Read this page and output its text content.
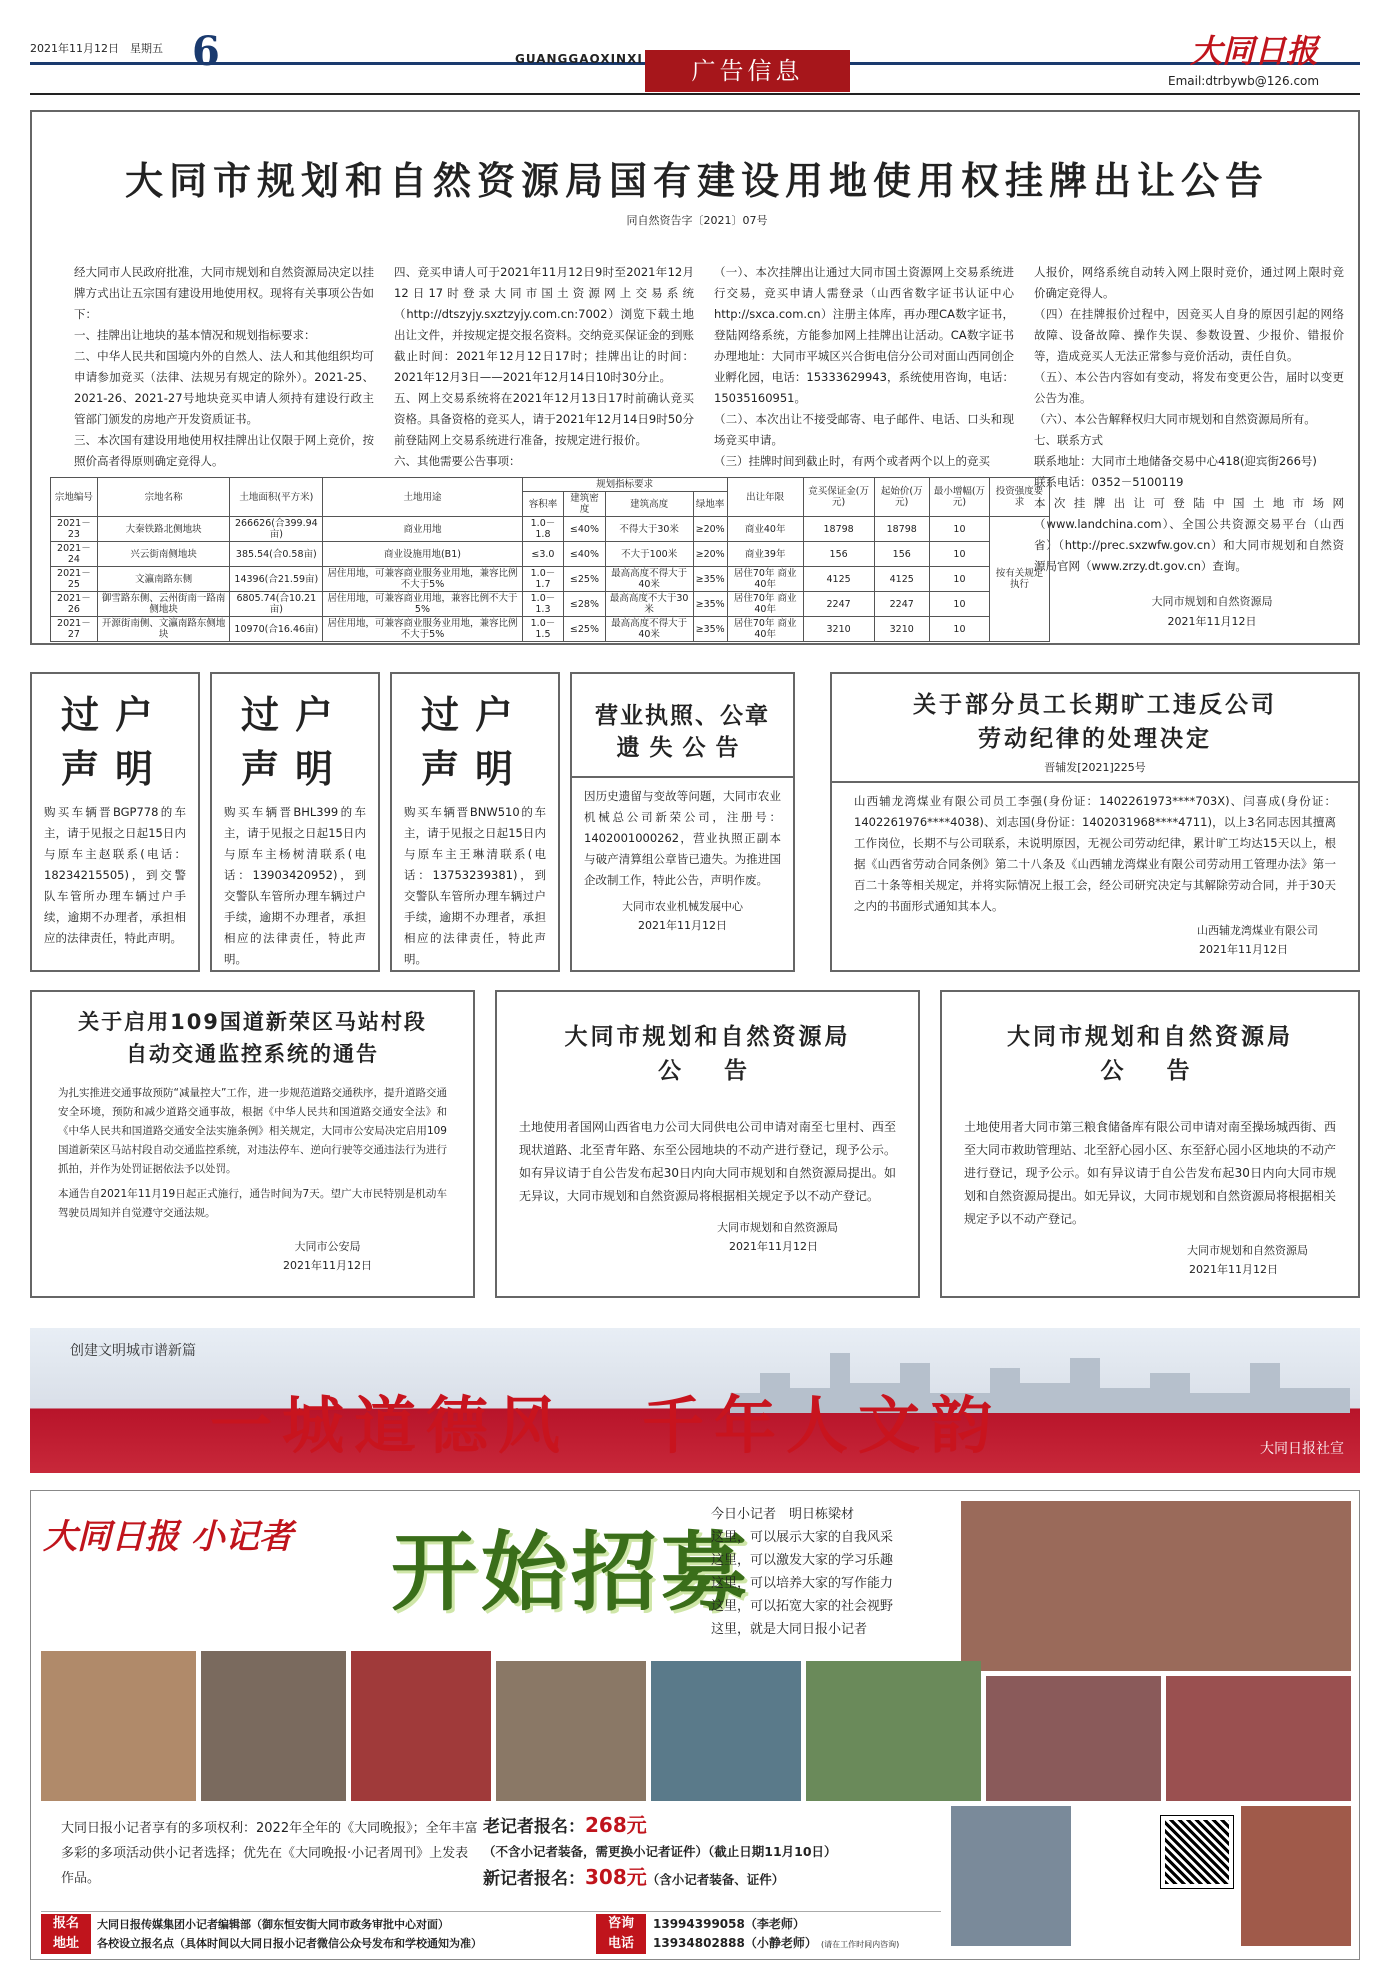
2021年11月12日　星期五 6	GUANGGAOXINXI	广告信息
大同日报
Email:dtrbywb@126.com
大同市规划和自然资源局国有建设用地使用权挂牌出让公告
同自然资告字〔2021〕07号
经大同市人民政府批准，大同市规划和自然资源局决定以挂牌方式出让五宗国有建设用地使用权。现将有关事项公告如下：
一、挂牌出让地块的基本情况和规划指标要求：
二、中华人民共和国境内外的自然人、法人和其他组织均可申请参加竞买（法律、法规另有规定的除外）。2021-25、2021-26、2021-27号地块竞买申请人须持有建设行政主管部门颁发的房地产开发资质证书。
三、本次国有建设用地使用权挂牌出让仅限于网上竞价，按照价高者得原则确定竞得人。
四、竞买申请人可于2021年11月12日9时至2021年12月12日17时登录大同市国土资源网上交易系统（http://dtszyjy.sxztzyjy.com.cn:7002）浏览下载土地出让文件，并按规定提交报名资料。交纳竞买保证金的到账截止时间：2021年12月12日17时；挂牌出让的时间：2021年12月3日——2021年12月14日10时30分止。
五、网上交易系统将在2021年12月13日17时前确认竞买资格。具备资格的竞买人，请于2021年12月14日9时50分前登陆网上交易系统进行准备，按规定进行报价。
六、其他需要公告事项：
（一）、本次挂牌出让通过大同市国土资源网上交易系统进行交易，竞买申请人需登录（山西省数字证书认证中心http://sxca.com.cn）注册主体库，再办理CA数字证书，登陆网络系统，方能参加网上挂牌出让活动。CA数字证书办理地址：大同市平城区兴合街电信分公司对面山西同创企业孵化园，电话：15333629943，系统使用咨询，电话：15035160951。
（二）、本次出让不接受邮寄、电子邮件、电话、口头和现场竞买申请。
（三）挂牌时间到截止时，有两个或者两个以上的竞买
人报价，网络系统自动转入网上限时竞价，通过网上限时竞价确定竞得人。
（四）在挂牌报价过程中，因竞买人自身的原因引起的网络故障、设备故障、操作失误、参数设置、少报价、错报价等，造成竞买人无法正常参与竞价活动，责任自负。
（五）、本公告内容如有变动，将发布变更公告，届时以变更公告为准。
（六）、本公告解释权归大同市规划和自然资源局所有。
七、联系方式
联系地址：大同市土地储备交易中心418(迎宾街266号)
联系电话：0352－5100119
本次挂牌出让可登陆中国土地市场网（www.landchina.com）、全国公共资源交易平台（山西省）（http://prec.sxzwfw.gov.cn）和大同市规划和自然资源局官网（www.zrzy.dt.gov.cn）查询。
宗地编号	宗地名称	土地面积(平方米)	土地用途	规划指标要求				出让年限	竞买保证金(万元)	起始价(万元)	最小增幅(万元)	投资强度要求
				容积率	建筑密度	建筑高度	绿地率					
2021－23	大秦铁路北侧地块	266626(合399.94亩)	商业用地	1.0－1.8	≤40%	不得大于30米	≥20%	商业40年	18798	18798	10	按有关规定执行
2021－24	兴云街南侧地块	385.54(合0.58亩)	商业设施用地(B1)	≤3.0	≤40%	不大于100米	≥20%	商业39年	156	156	10	
2021－25	文瀛南路东侧	14396(合21.59亩)	居住用地，可兼容商业服务业用地，兼容比例不大于5%	1.0－1.7	≤25%	最高高度不得大于40米	≥35%	居住70年 商业40年	4125	4125	10	
2021－26	御雪路东侧、云州街南一路南侧地块	6805.74(合10.21亩)	居住用地，可兼容商业用地，兼容比例不大于5%	1.0－1.3	≤28%	最高高度不大于30米	≥35%	居住70年 商业40年	2247	2247	10	
2021－27	开源街南侧、文瀛南路东侧地块	10970(合16.46亩)	居住用地，可兼容商业服务业用地，兼容比例不大于5%	1.0－1.5	≤25%	最高高度不得大于40米	≥35%	居住70年 商业40年	3210	3210	10	
大同市规划和自然资源局
2021年11月12日
过户
声明
购买车辆晋BGP778的车主，请于见报之日起15日内与原车主赵联系(电话：18234215505)，到交警队车管所办理车辆过户手续，逾期不办理者，承担相应的法律责任，特此声明。
过户
声明
购买车辆晋BHL399的车主，请于见报之日起15日内与原车主杨树清联系(电话：13903420952)，到交警队车管所办理车辆过户手续，逾期不办理者，承担相应的法律责任，特此声明。
过户
声明
购买车辆晋BNW510的车主，请于见报之日起15日内与原车主王琳清联系(电话：13753239381)，到交警队车管所办理车辆过户手续，逾期不办理者，承担相应的法律责任，特此声明。
营业执照、公章
遗失公告
因历史遗留与变故等问题，大同市农业机械总公司新荣公司，注册号：1402001000262，营业执照正副本与破产清算组公章皆已遗失。为推进国企改制工作，特此公告，声明作废。
大同市农业机械发展中心
2021年11月12日
关于部分员工长期旷工违反公司
劳动纪律的处理决定
晋辅发[2021]225号
山西辅龙湾煤业有限公司员工李强(身份证：1402261973****703X)、闫喜成(身份证：1402261976****4038)、刘志国(身份证：1402031968****4711)，以上3名同志因其擅离工作岗位，长期不与公司联系，未说明原因，无视公司劳动纪律，累计旷工均达15天以上，根据《山西省劳动合同条例》第二十八条及《山西辅龙湾煤业有限公司劳动用工管理办法》第一百二十条等相关规定，并将实际情况上报工会，经公司研究决定与其解除劳动合同，并于30天之内的书面形式通知其本人。
山西辅龙湾煤业有限公司
2021年11月12日
关于启用109国道新荣区马站村段
自动交通监控系统的通告
为扎实推进交通事故预防“减量控大”工作，进一步规范道路交通秩序，提升道路交通安全环境，预防和减少道路交通事故，根据《中华人民共和国道路交通安全法》和《中华人民共和国道路交通安全法实施条例》相关规定，大同市公安局决定启用109国道新荣区马站村段自动交通监控系统，对违法停车、逆向行驶等交通违法行为进行抓拍，并作为处罚证据依法予以处罚。
本通告自2021年11月19日起正式施行，通告时间为7天。望广大市民特别是机动车驾驶员周知并自觉遵守交通法规。
大同市公安局
2021年11月12日
大同市规划和自然资源局
公　告
土地使用者国网山西省电力公司大同供电公司申请对南至七里村、西至现状道路、北至青年路、东至公园地块的不动产进行登记，现予公示。如有异议请于自公告发布起30日内向大同市规划和自然资源局提出。如无异议，大同市规划和自然资源局将根据相关规定予以不动产登记。
大同市规划和自然资源局
2021年11月12日
大同市规划和自然资源局
公　告
土地使用者大同市第三粮食储备库有限公司申请对南至操场城西街、西至大同市救助管理站、北至舒心园小区、东至舒心园小区地块的不动产进行登记，现予公示。如有异议请于自公告发布起30日内向大同市规划和自然资源局提出。如无异议，大同市规划和自然资源局将根据相关规定予以不动产登记。
大同市规划和自然资源局
2021年11月12日
创建文明城市谱新篇
一城道德风　千年人文韵	大同日报社宣
大同日报 小记者 开始招募
今日小记者　明日栋梁材
这里，可以展示大家的自我风采
这里，可以激发大家的学习乐趣
这里，可以培养大家的写作能力
这里，可以拓宽大家的社会视野
这里，就是大同日报小记者
大同日报小记者享有的多项权利：2022年全年的《大同晚报》；全年丰富多彩的多项活动供小记者选择；优先在《大同晚报·小记者周刊》上发表作品。
老记者报名：268元
（不含小记者装备，需更换小记者证件）（截止日期11月10日）
新记者报名：308元（含小记者装备、证件）
报名
地址
大同日报传媒集团小记者编辑部（御东恒安街大同市政务审批中心对面）
各校设立报名点（具体时间以大同日报小记者微信公众号发布和学校通知为准）
咨询
电话
13994399058（李老师）
13934802888（小静老师） (请在工作时间内咨询)
